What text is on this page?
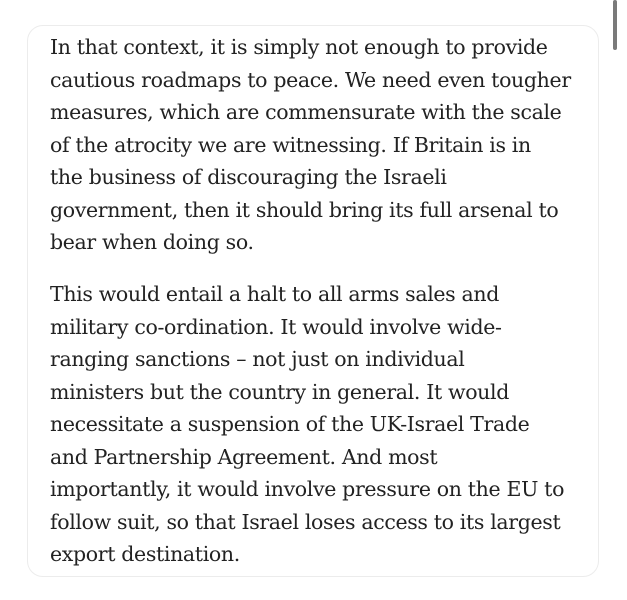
In that context, it is simply not enough to provide
cautious roadmaps to peace. We need even tougher
measures, which are commensurate with the scale
of the atrocity we are witnessing. If Britain is in
the business of discouraging the Israeli
government, then it should bring its full arsenal to
bear when doing so.

This would entail a halt to all arms sales and
military co-ordination. It would involve wide-
ranging sanctions – not just on individual
ministers but the country in general. It would
necessitate a suspension of the UK-Israel Trade
and Partnership Agreement. And most
importantly, it would involve pressure on the EU to
follow suit, so that Israel loses access to its largest
export destination.
